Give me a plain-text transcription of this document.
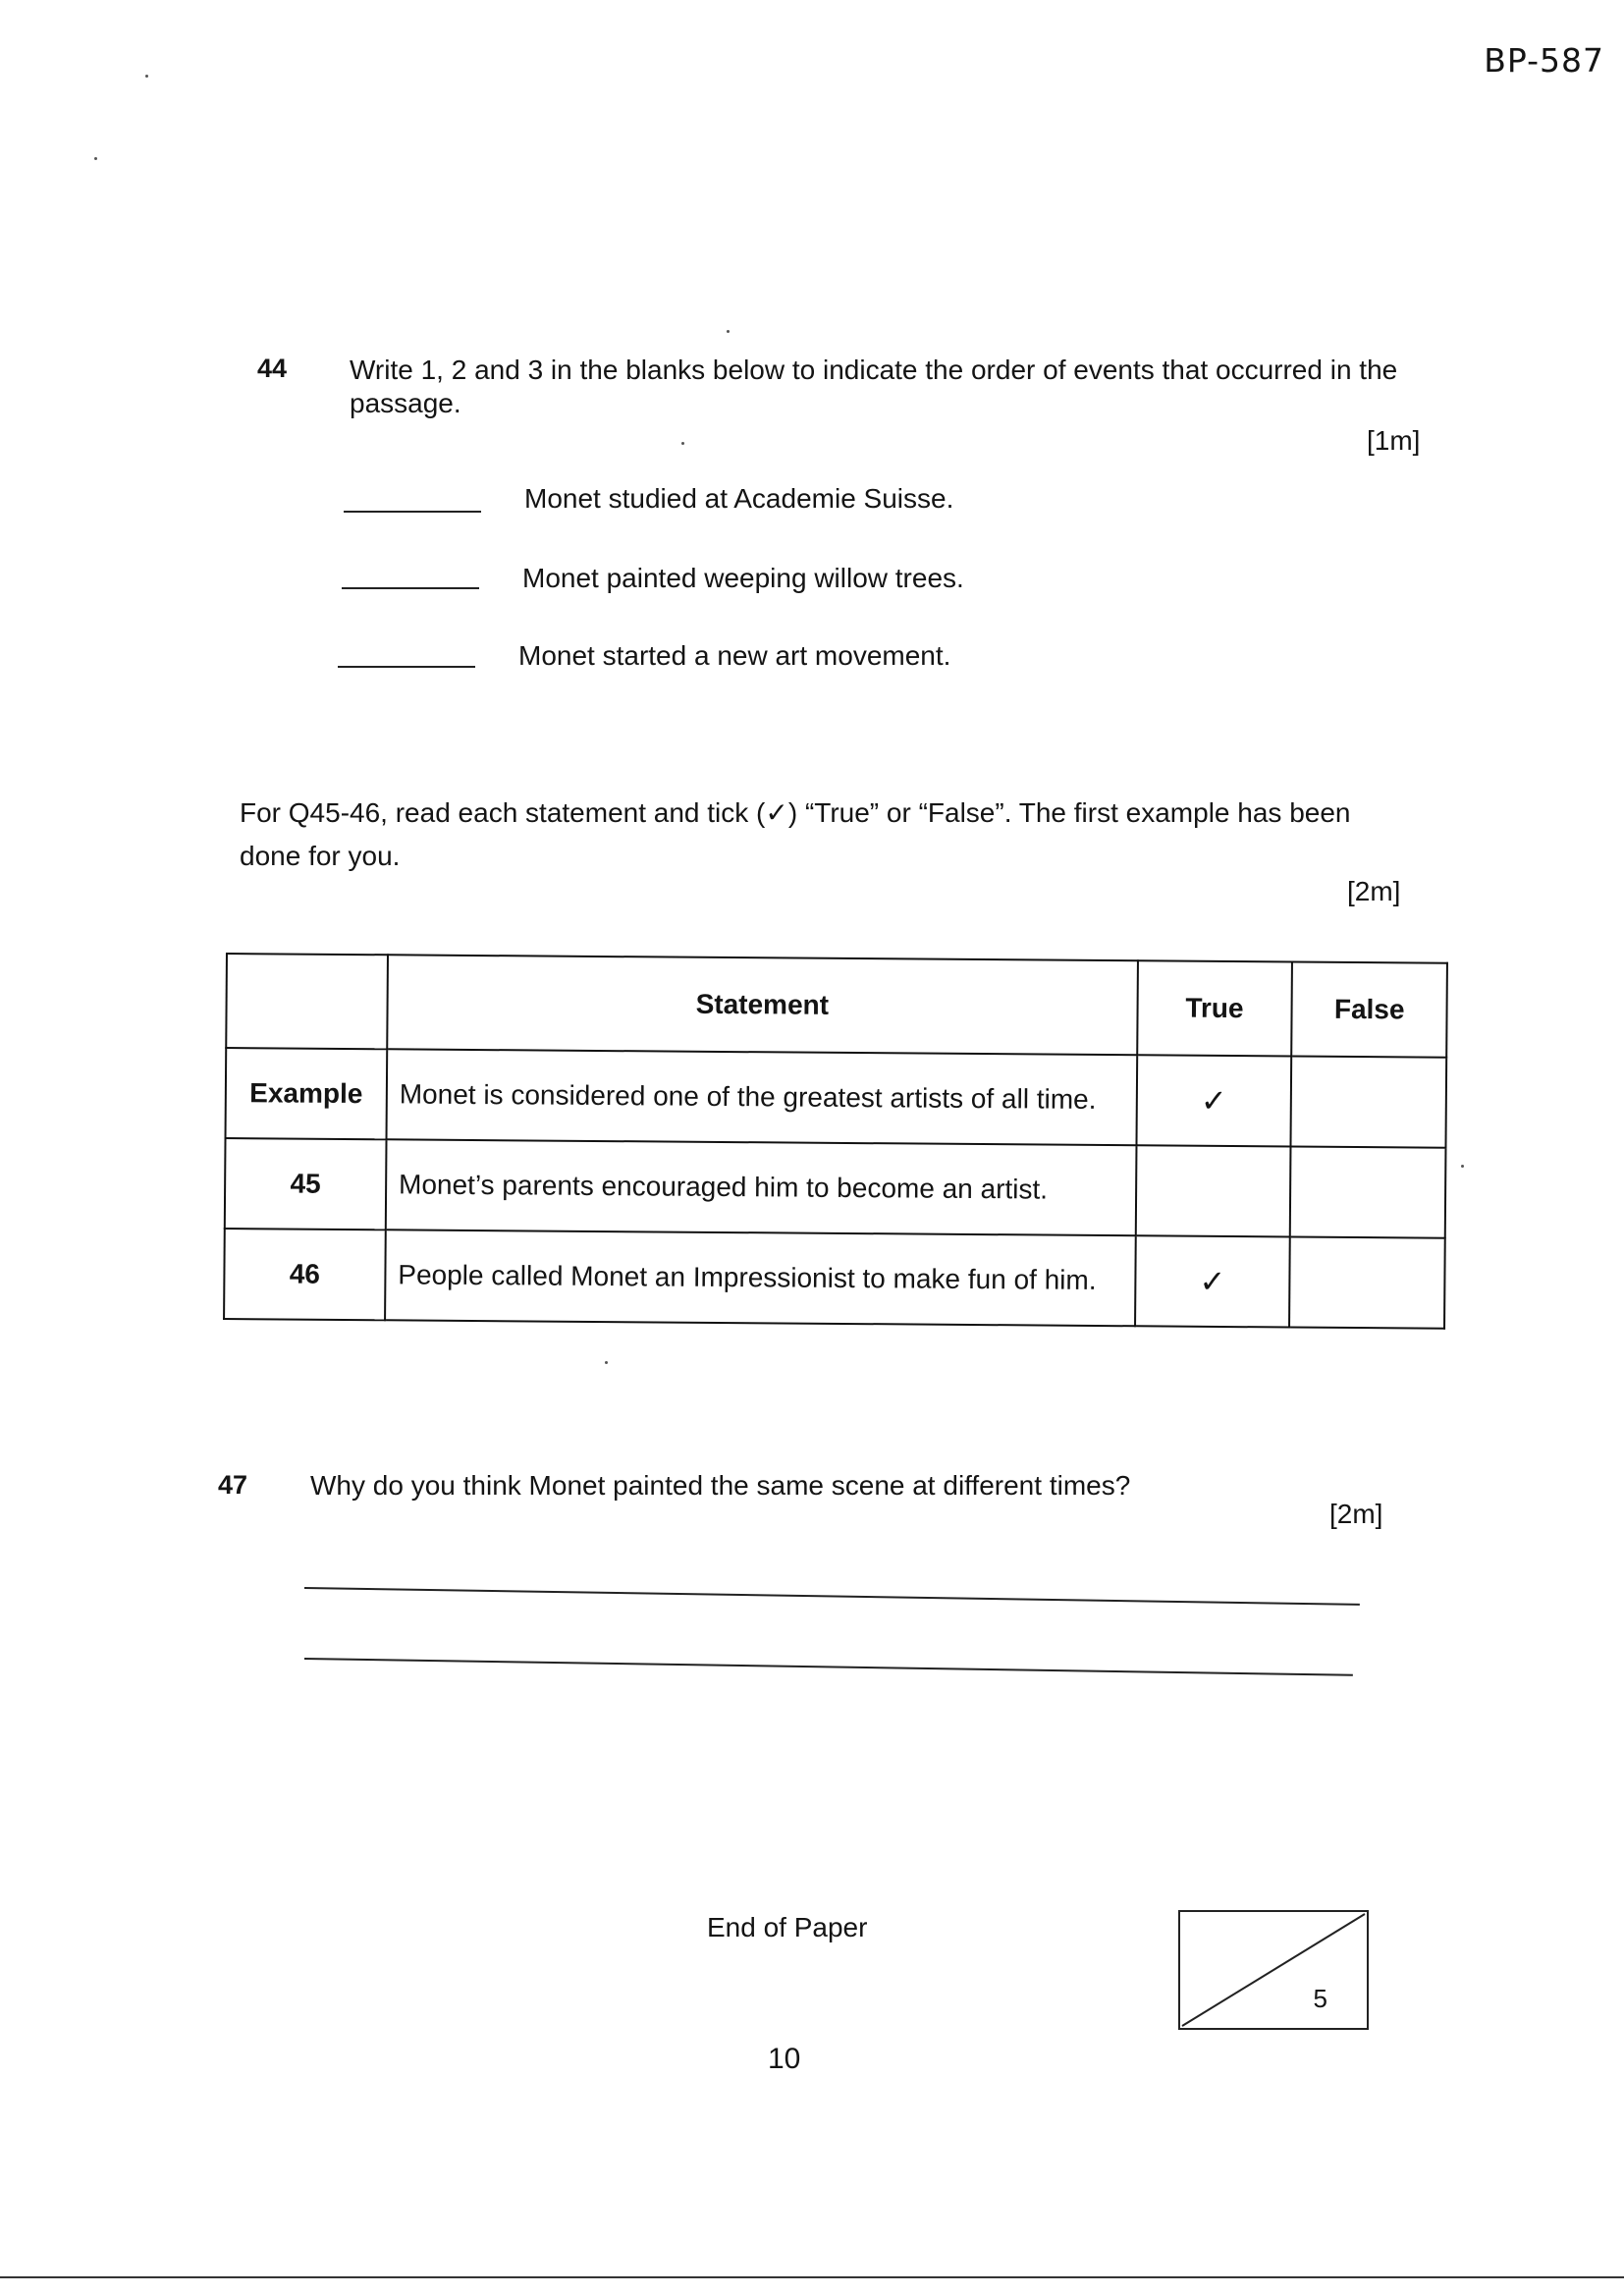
BP-587
44 Write 1, 2 and 3 in the blanks below to indicate the order of events that occurred in the passage.
[1m]
Monet studied at Academie Suisse.
Monet painted weeping willow trees.
Monet started a new art movement.
For Q45-46, read each statement and tick (✓) “True” or “False”. The first example has been done for you.
[2m]
	Statement	True	False
Example	Monet is considered one of the greatest artists of all time.	✓	
45	Monet’s parents encouraged him to become an artist.		
46	People called Monet an Impressionist to make fun of him.	✓	
47 Why do you think Monet painted the same scene at different times?
[2m]
End of Paper
5
10
